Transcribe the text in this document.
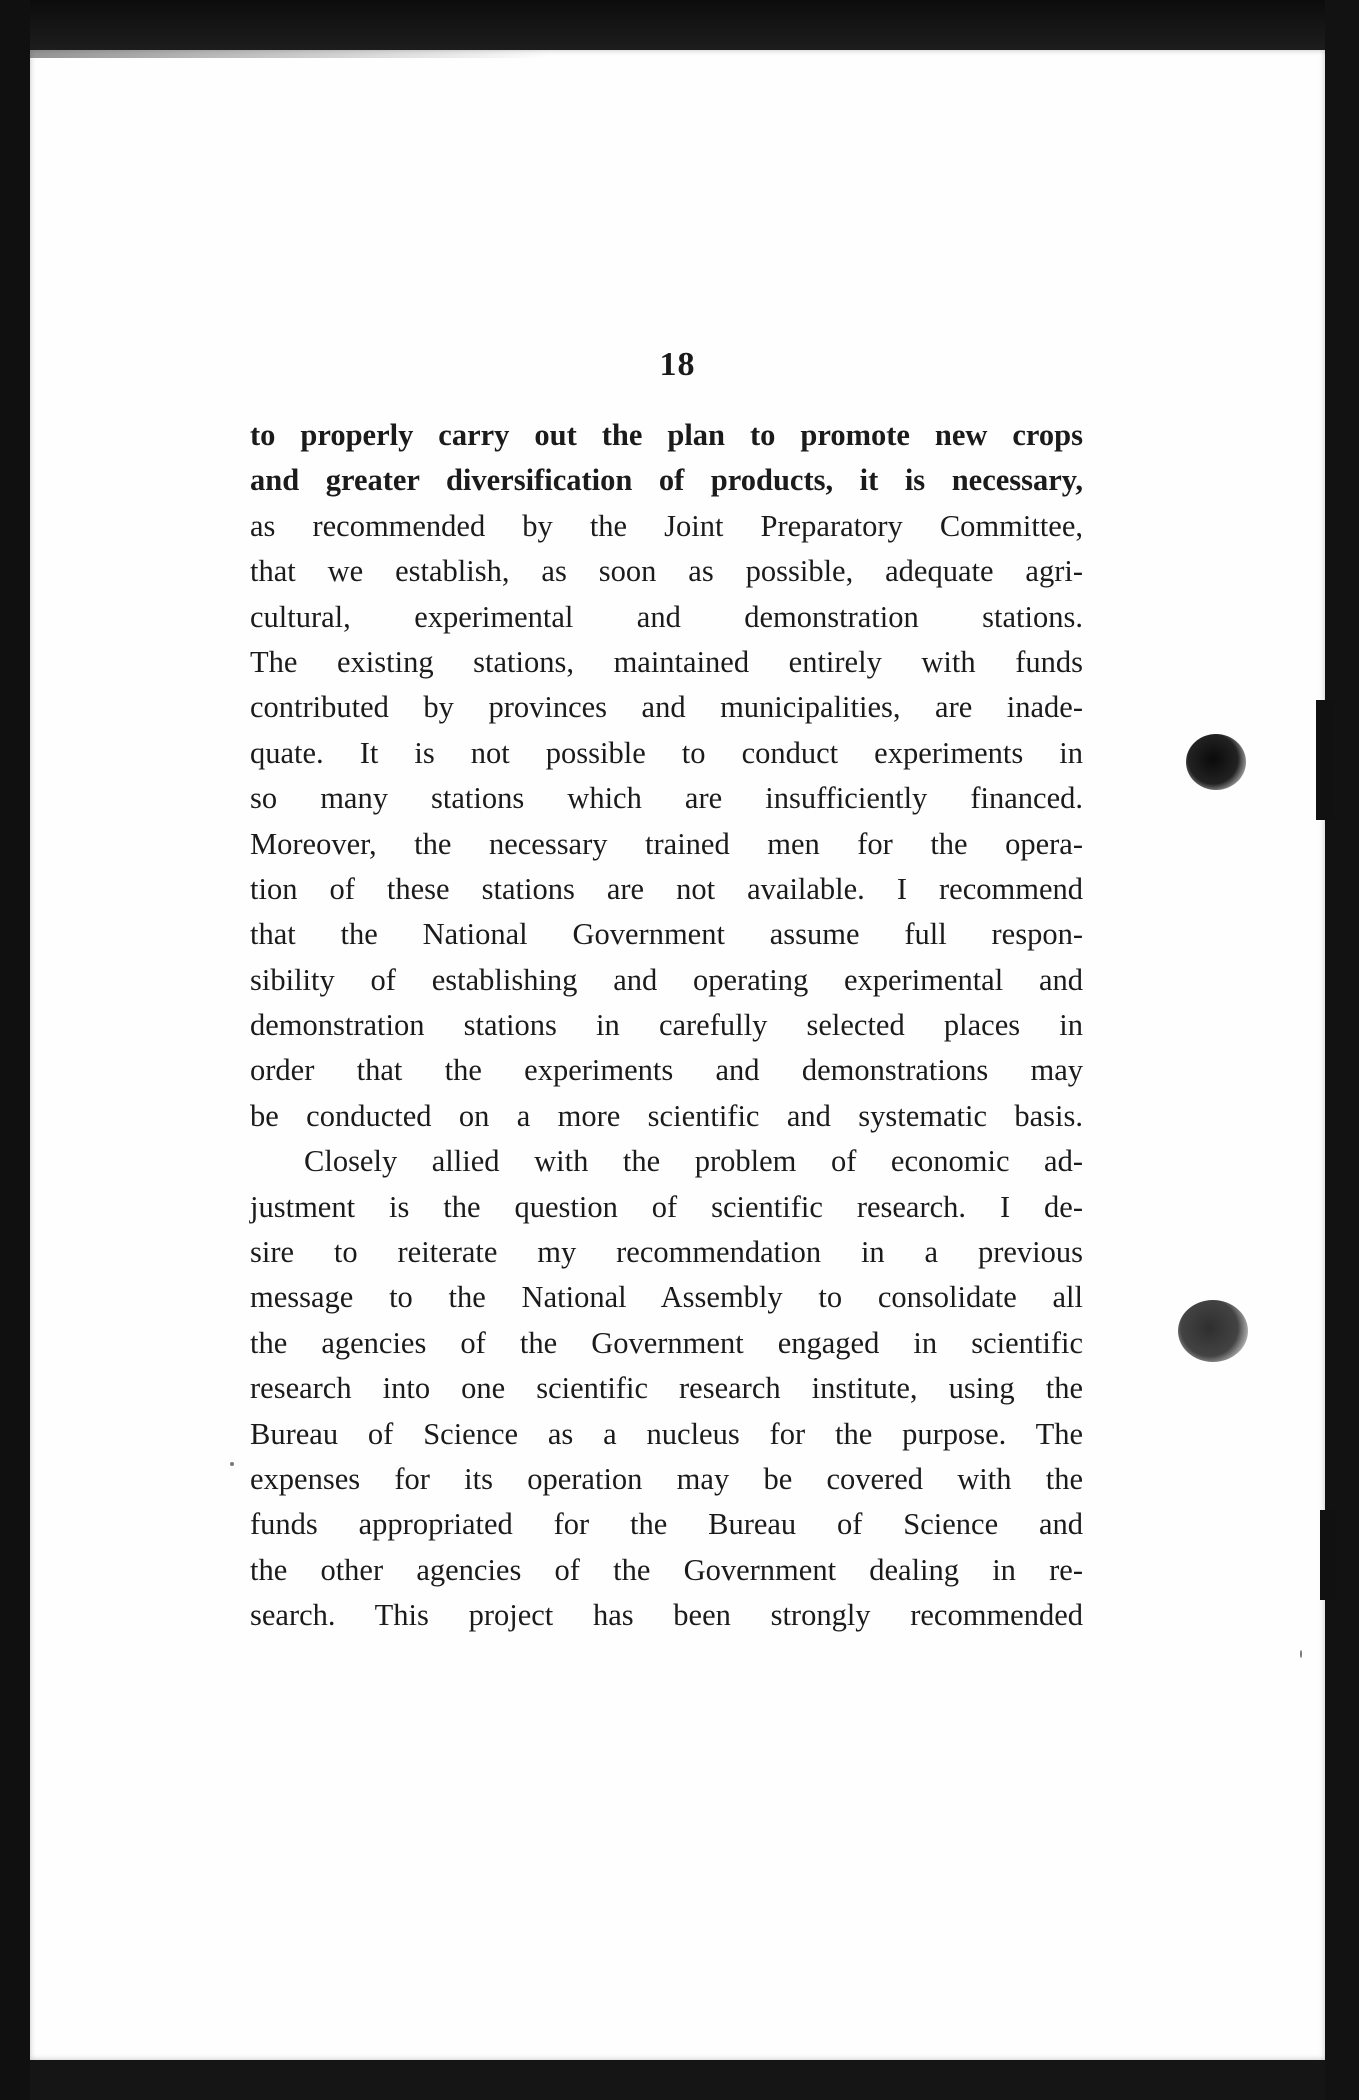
18
to properly carry out the plan to promote new crops
and greater diversification of products, it is necessary,
as recommended by the Joint Preparatory Committee,
that we establish, as soon as possible, adequate agri-
cultural, experimental and demonstration stations.
The existing stations, maintained entirely with funds
contributed by provinces and municipalities, are inade-
quate. It is not possible to conduct experiments in
so many stations which are insufficiently financed.
Moreover, the necessary trained men for the opera-
tion of these stations are not available. I recommend
that the National Government assume full respon-
sibility of establishing and operating experimental and
demonstration stations in carefully selected places in
order that the experiments and demonstrations may
be conducted on a more scientific and systematic basis.
Closely allied with the problem of economic ad-
justment is the question of scientific research. I de-
sire to reiterate my recommendation in a previous
message to the National Assembly to consolidate all
the agencies of the Government engaged in scientific
research into one scientific research institute, using the
Bureau of Science as a nucleus for the purpose. The
expenses for its operation may be covered with the
funds appropriated for the Bureau of Science and
the other agencies of the Government dealing in re-
search. This project has been strongly recommended
